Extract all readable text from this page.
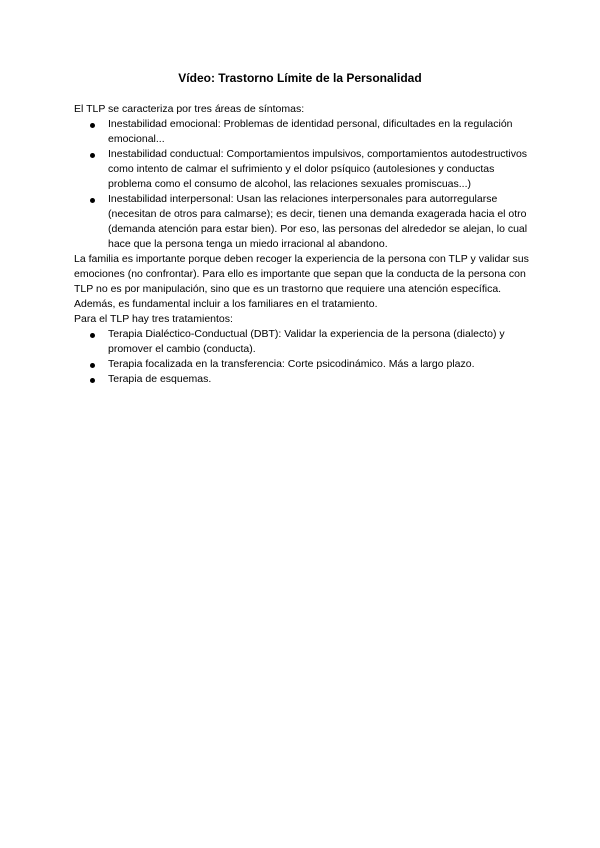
Vídeo: Trastorno Límite de la Personalidad

El TLP se caracteriza por tres áreas de síntomas:

Inestabilidad emocional: Problemas de identidad personal, dificultades en la regulación emocional...
Inestabilidad conductual: Comportamientos impulsivos, comportamientos autodestructivos como intento de calmar el sufrimiento y el dolor psíquico (autolesiones y conductas problema como el consumo de alcohol, las relaciones sexuales promiscuas...)
Inestabilidad interpersonal: Usan las relaciones interpersonales para autorregularse (necesitan de otros para calmarse); es decir, tienen una demanda exagerada hacia el otro (demanda atención para estar bien). Por eso, las personas del alrededor se alejan, lo cual hace que la persona tenga un miedo irracional al abandono.

La familia es importante porque deben recoger la experiencia de la persona con TLP y validar sus emociones (no confrontar). Para ello es importante que sepan que la conducta de la persona con TLP no es por manipulación, sino que es un trastorno que requiere una atención específica. Además, es fundamental incluir a los familiares en el tratamiento.

Para el TLP hay tres tratamientos:

Terapia Dialéctico-Conductual (DBT): Validar la experiencia de la persona (dialecto) y promover el cambio (conducta).
Terapia focalizada en la transferencia: Corte psicodinámico. Más a largo plazo.
Terapia de esquemas.
